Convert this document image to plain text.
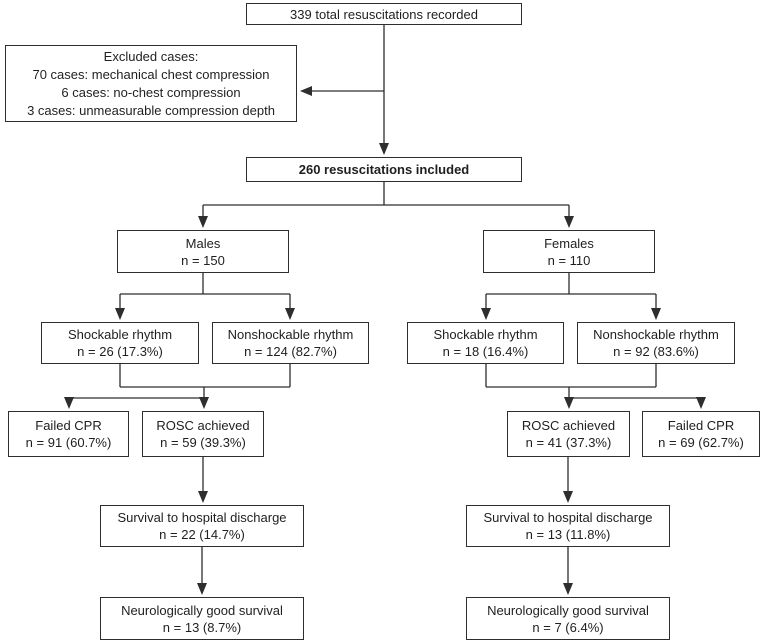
339 total resuscitations recorded
Excluded cases:
70 cases: mechanical chest compression
6 cases: no-chest compression
3 cases: unmeasurable compression depth
260 resuscitations included
Males
n = 150
Females
n = 110
Shockable rhythm
n = 26 (17.3%)
Nonshockable rhythm
n = 124 (82.7%)
Shockable rhythm
n = 18 (16.4%)
Nonshockable rhythm
n = 92 (83.6%)
Failed CPR
n = 91 (60.7%)
ROSC achieved
n = 59 (39.3%)
ROSC achieved
n = 41 (37.3%)
Failed CPR
n = 69 (62.7%)
Survival to hospital discharge
n = 22 (14.7%)
Survival to hospital discharge
n = 13 (11.8%)
Neurologically good survival
n = 13 (8.7%)
Neurologically good survival
n = 7 (6.4%)
